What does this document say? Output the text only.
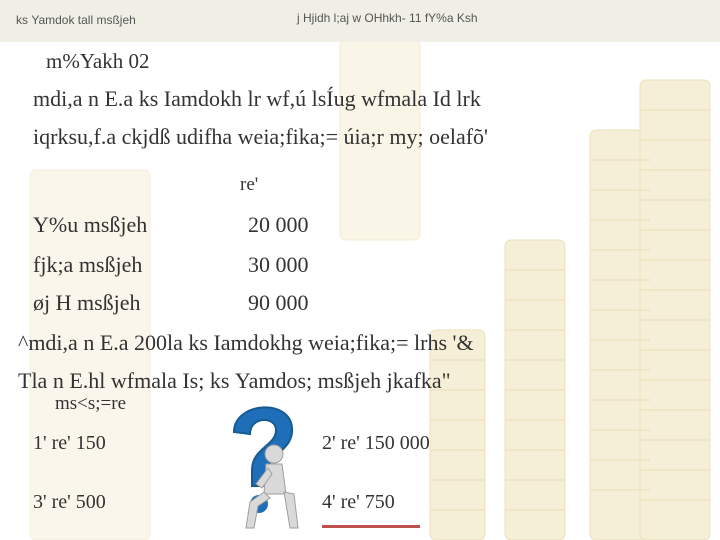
ks Yamdok tall msßjeh	j Hjidh l;aj w OHhkh- 11 fY%a Ksh
m%Yakh 02
mdi,a n E.a ks Iamdokh lr wf,ú lsÍug wfmala Id lrk
iqrksu,f.a ckjdß udifha weia;fika;= úia;r my; oelafõ'
re'
Y%u msßjeh	20 000
fjk;a msßjeh	30 000
øj H msßjeh	90 000
^mdi,a n E.a 200la ks Iamdokhg weia;fika;= lrhs '&
Tla n E.hl wfmala Is; ks Yamdos; msßjeh jkafka"
ms<s;=re
1' re' 150	2' re' 150 000
3' re' 500	4' re' 750
